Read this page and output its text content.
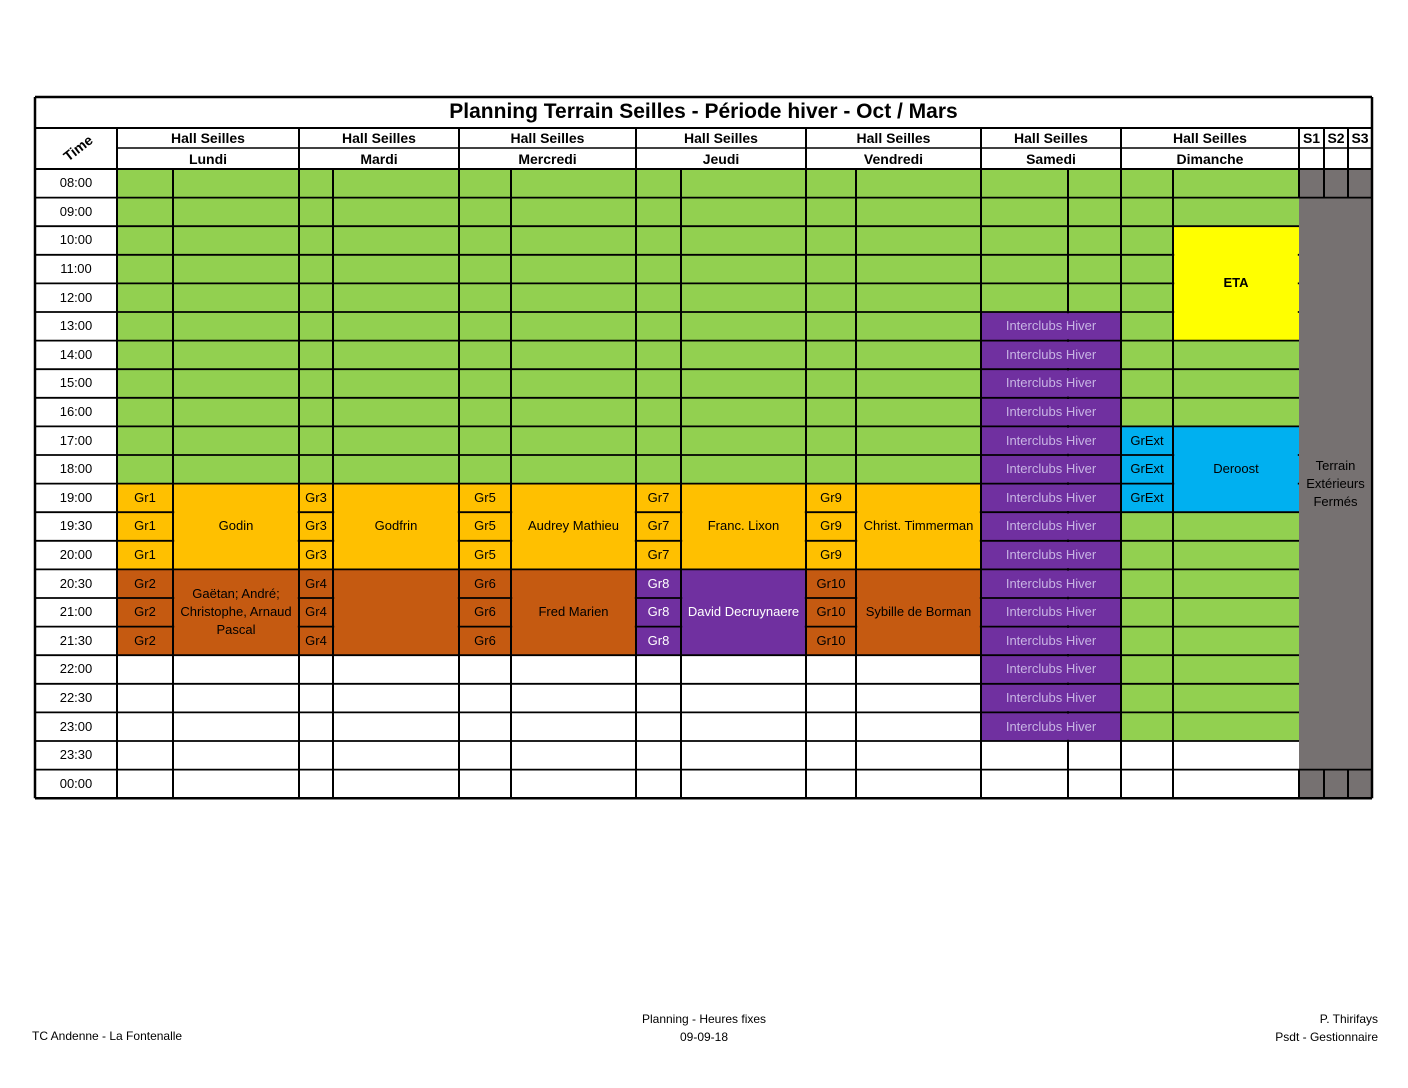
Gr1
Gr1
Gr1
Godin
Gr2
Gr2
Gr2
Gaëtan; André; Christophe, Arnaud Pascal
Gr3
Gr3
Gr3
Godfrin
Gr4
Gr4
Gr4
Gr5
Gr5
Gr5
Audrey Mathieu
Gr6
Gr6
Gr6
Fred Marien
Gr7
Gr7
Gr7
Franc. Lixon
Gr8
Gr8
Gr8
David Decruynaere
Gr9
Gr9
Gr9
Christ. Timmerman
Gr10
Gr10
Gr10
Sybille de Borman
Interclubs Hiver
Interclubs Hiver
Interclubs Hiver
Interclubs Hiver
Interclubs Hiver
Interclubs Hiver
Interclubs Hiver
Interclubs Hiver
Interclubs Hiver
Interclubs Hiver
Interclubs Hiver
Interclubs Hiver
Interclubs Hiver
Interclubs Hiver
Interclubs Hiver
ETA
GrExt
GrExt
GrExt
Deroost	Terrain Extérieurs Fermés
Hall Seilles
Lundi
Hall Seilles
Mardi
Hall Seilles
Mercredi
Hall Seilles
Jeudi
Hall Seilles
Vendredi
Hall Seilles
Samedi
Hall Seilles
Dimanche
S1 S2 S3
08:00
09:00
10:00
11:00
12:00
13:00
14:00
15:00
16:00
17:00
18:00
19:00
19:30
20:00
20:30
21:00
21:30
22:00
22:30
23:00
23:30
00:00
Planning Terrain Seilles - Période hiver - Oct / Mars
Time
TC Andenne - La Fontenalle
Planning - Heures fixes
09-09-18
P. Thirifays
Psdt - Gestionnaire
